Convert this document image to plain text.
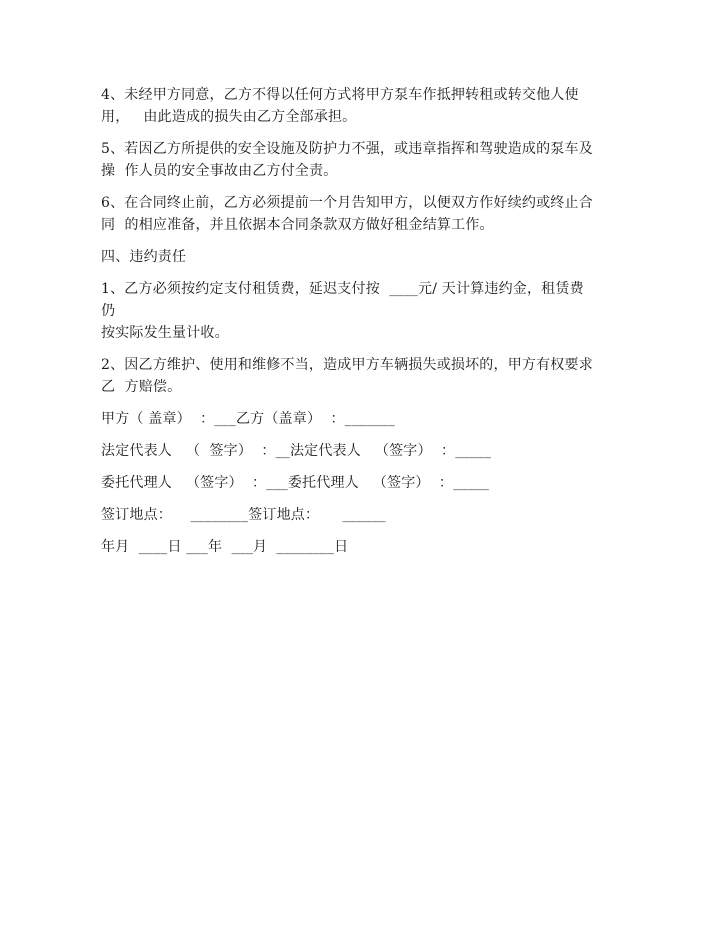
4、未经甲方同意，乙方不得以任何方式将甲方泵车作抵押转租或转交他人使
用，   由此造成的损失由乙方全部承担。
5、若因乙方所提供的安全设施及防护力不强，或违章指挥和驾驶造成的泵车及
操  作人员的安全事故由乙方付全责。
6、在合同终止前，乙方必须提前一个月告知甲方，以便双方作好续约或终止合
同  的相应准备，并且依据本合同条款双方做好租金结算工作。
四、违约责任
1、乙方必须按约定支付租赁费，延迟支付按  ____元/ 天计算违约金，租赁费
仍
按实际发生量计收。
2、因乙方维护、使用和维修不当，造成甲方车辆损失或损坏的，甲方有权要求
乙  方赔偿。
甲方（ 盖章）  ：___乙方（盖章）  ：_______
法定代表人   （  签字）  ：__法定代表人   （签字）  ：_____
委托代理人   （签字）  ：___委托代理人   （签字）  ：_____
签订地点：    ________签订地点：     ______
年月  ____日 ___年  ___月  ________日
